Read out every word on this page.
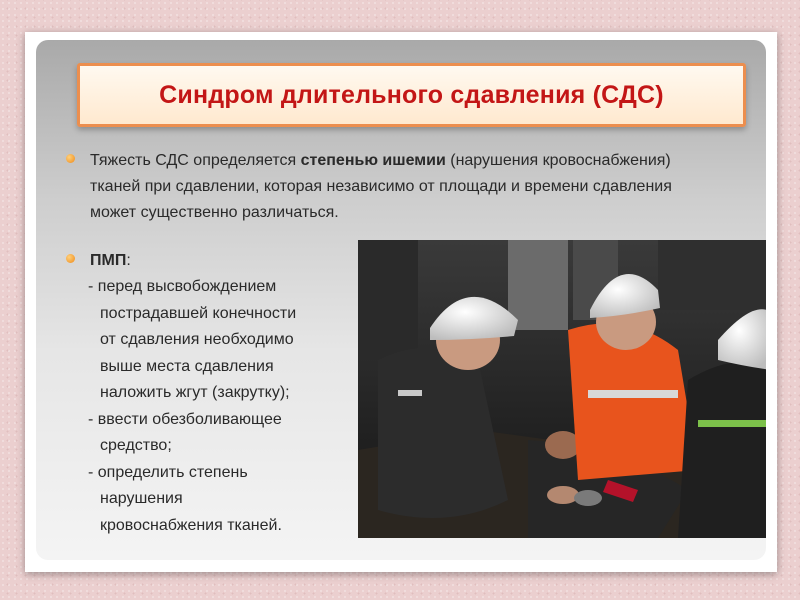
Синдром длительного сдавления (СДС)
Тяжесть СДС определяется степенью ишемии (нарушения кровоснабжения) тканей при сдавлении, которая независимо от площади и времени сдавления может существенно различаться.
ПМП:
- перед высвобождением
пострадавшей конечности
от сдавления необходимо
выше места сдавления
наложить жгут (закрутку);
- ввести обезболивающее
средство;
- определить степень
нарушения
кровоснабжения тканей.
